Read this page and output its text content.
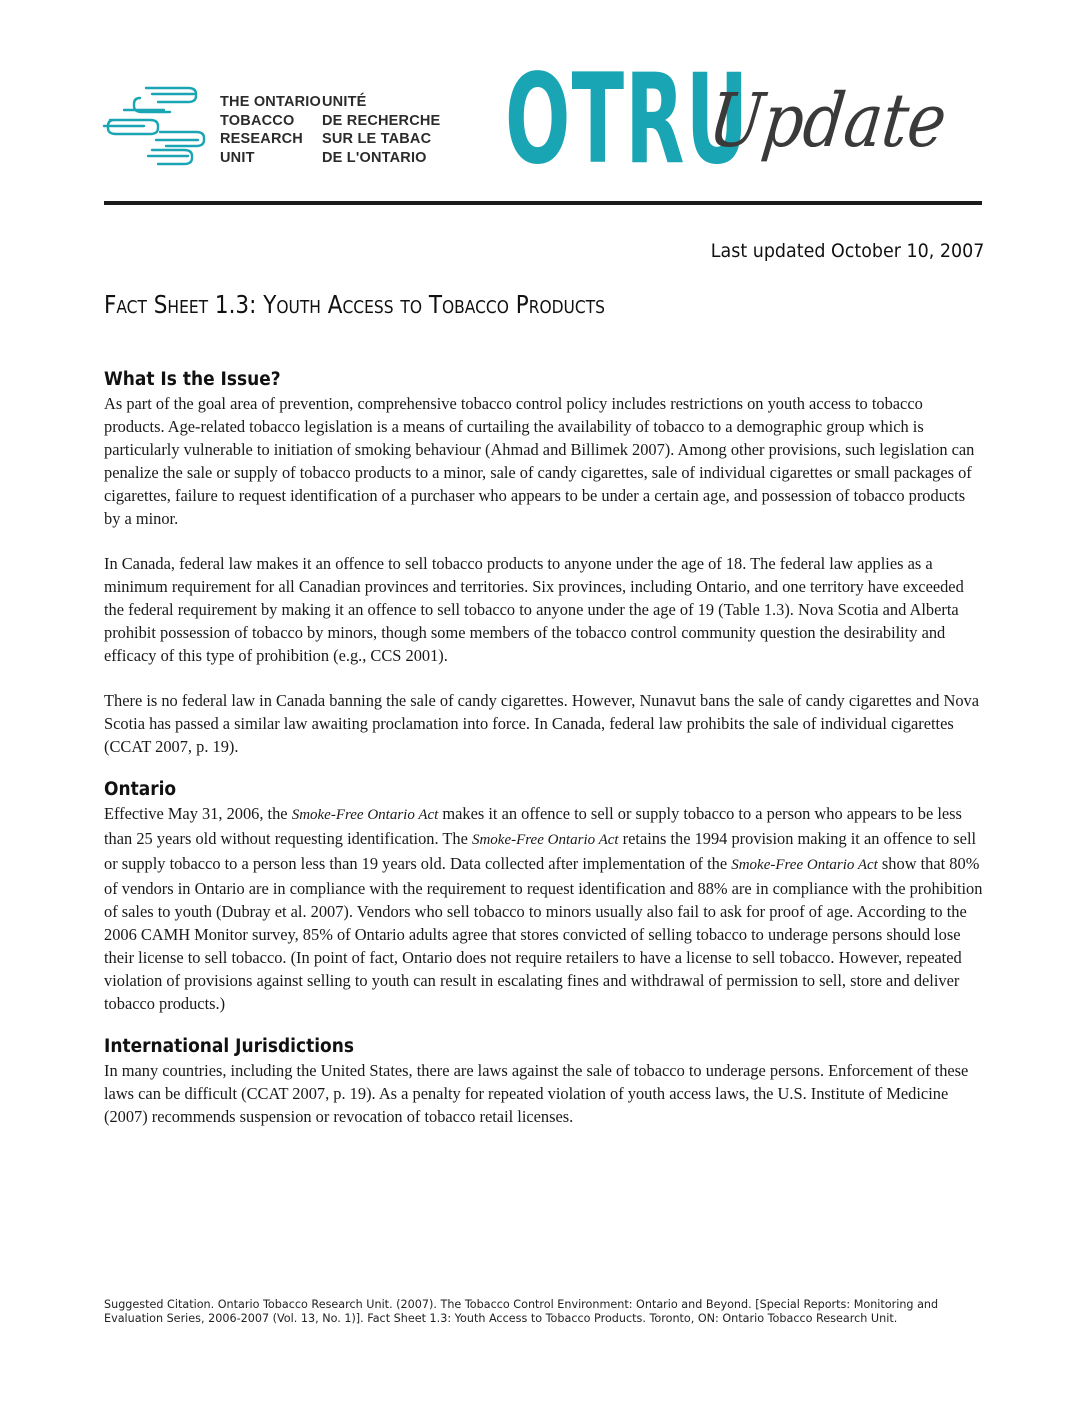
THE ONTARIO
TOBACCO
RESEARCH
UNIT
UNITÉ
DE RECHERCHE
SUR LE TABAC
DE L'ONTARIO OTRU
Update
Last updated October 10, 2007
Fact Sheet 1.3: Youth Access to Tobacco Products
What Is the Issue?

As part of the goal area of prevention, comprehensive tobacco control policy includes restrictions on youth access to tobacco products. Age-related tobacco legislation is a means of curtailing the availability of tobacco to a demographic group which is particularly vulnerable to initiation of smoking behaviour (Ahmad and Billimek 2007). Among other provisions, such legislation can penalize the sale or supply of tobacco products to a minor, sale of candy cigarettes, sale of individual cigarettes or small packages of cigarettes, failure to request identification of a purchaser who appears to be under a certain age, and possession of tobacco products by a minor.

In Canada, federal law makes it an offence to sell tobacco products to anyone under the age of 18. The federal law applies as a minimum requirement for all Canadian provinces and territories. Six provinces, including Ontario, and one territory have exceeded the federal requirement by making it an offence to sell tobacco to anyone under the age of 19 (Table 1.3). Nova Scotia and Alberta prohibit possession of tobacco by minors, though some members of the tobacco control community question the desirability and efficacy of this type of prohibition (e.g., CCS 2001).

There is no federal law in Canada banning the sale of candy cigarettes. However, Nunavut bans the sale of candy cigarettes and Nova Scotia has passed a similar law awaiting proclamation into force. In Canada, federal law prohibits the sale of individual cigarettes (CCAT 2007, p. 19).

Ontario

Effective May 31, 2006, the Smoke-Free Ontario Act makes it an offence to sell or supply tobacco to a person who appears to be less than 25 years old without requesting identification. The Smoke-Free Ontario Act retains the 1994 provision making it an offence to sell or supply tobacco to a person less than 19 years old. Data collected after implementation of the Smoke-Free Ontario Act show that 80% of vendors in Ontario are in compliance with the requirement to request identification and 88% are in compliance with the prohibition of sales to youth (Dubray et al. 2007). Vendors who sell tobacco to minors usually also fail to ask for proof of age. According to the 2006 CAMH Monitor survey, 85% of Ontario adults agree that stores convicted of selling tobacco to underage persons should lose their license to sell tobacco. (In point of fact, Ontario does not require retailers to have a license to sell tobacco. However, repeated violation of provisions against selling to youth can result in escalating fines and withdrawal of permission to sell, store and deliver tobacco products.)

International Jurisdictions

In many countries, including the United States, there are laws against the sale of tobacco to underage persons. Enforcement of these laws can be difficult (CCAT 2007, p. 19). As a penalty for repeated violation of youth access laws, the U.S. Institute of Medicine (2007) recommends suspension or revocation of tobacco retail licenses.

Suggested Citation. Ontario Tobacco Research Unit. (2007). The Tobacco Control Environment: Ontario and Beyond. [Special Reports: Monitoring and Evaluation Series, 2006-2007 (Vol. 13, No. 1)]. Fact Sheet 1.3: Youth Access to Tobacco Products. Toronto, ON: Ontario Tobacco Research Unit.
